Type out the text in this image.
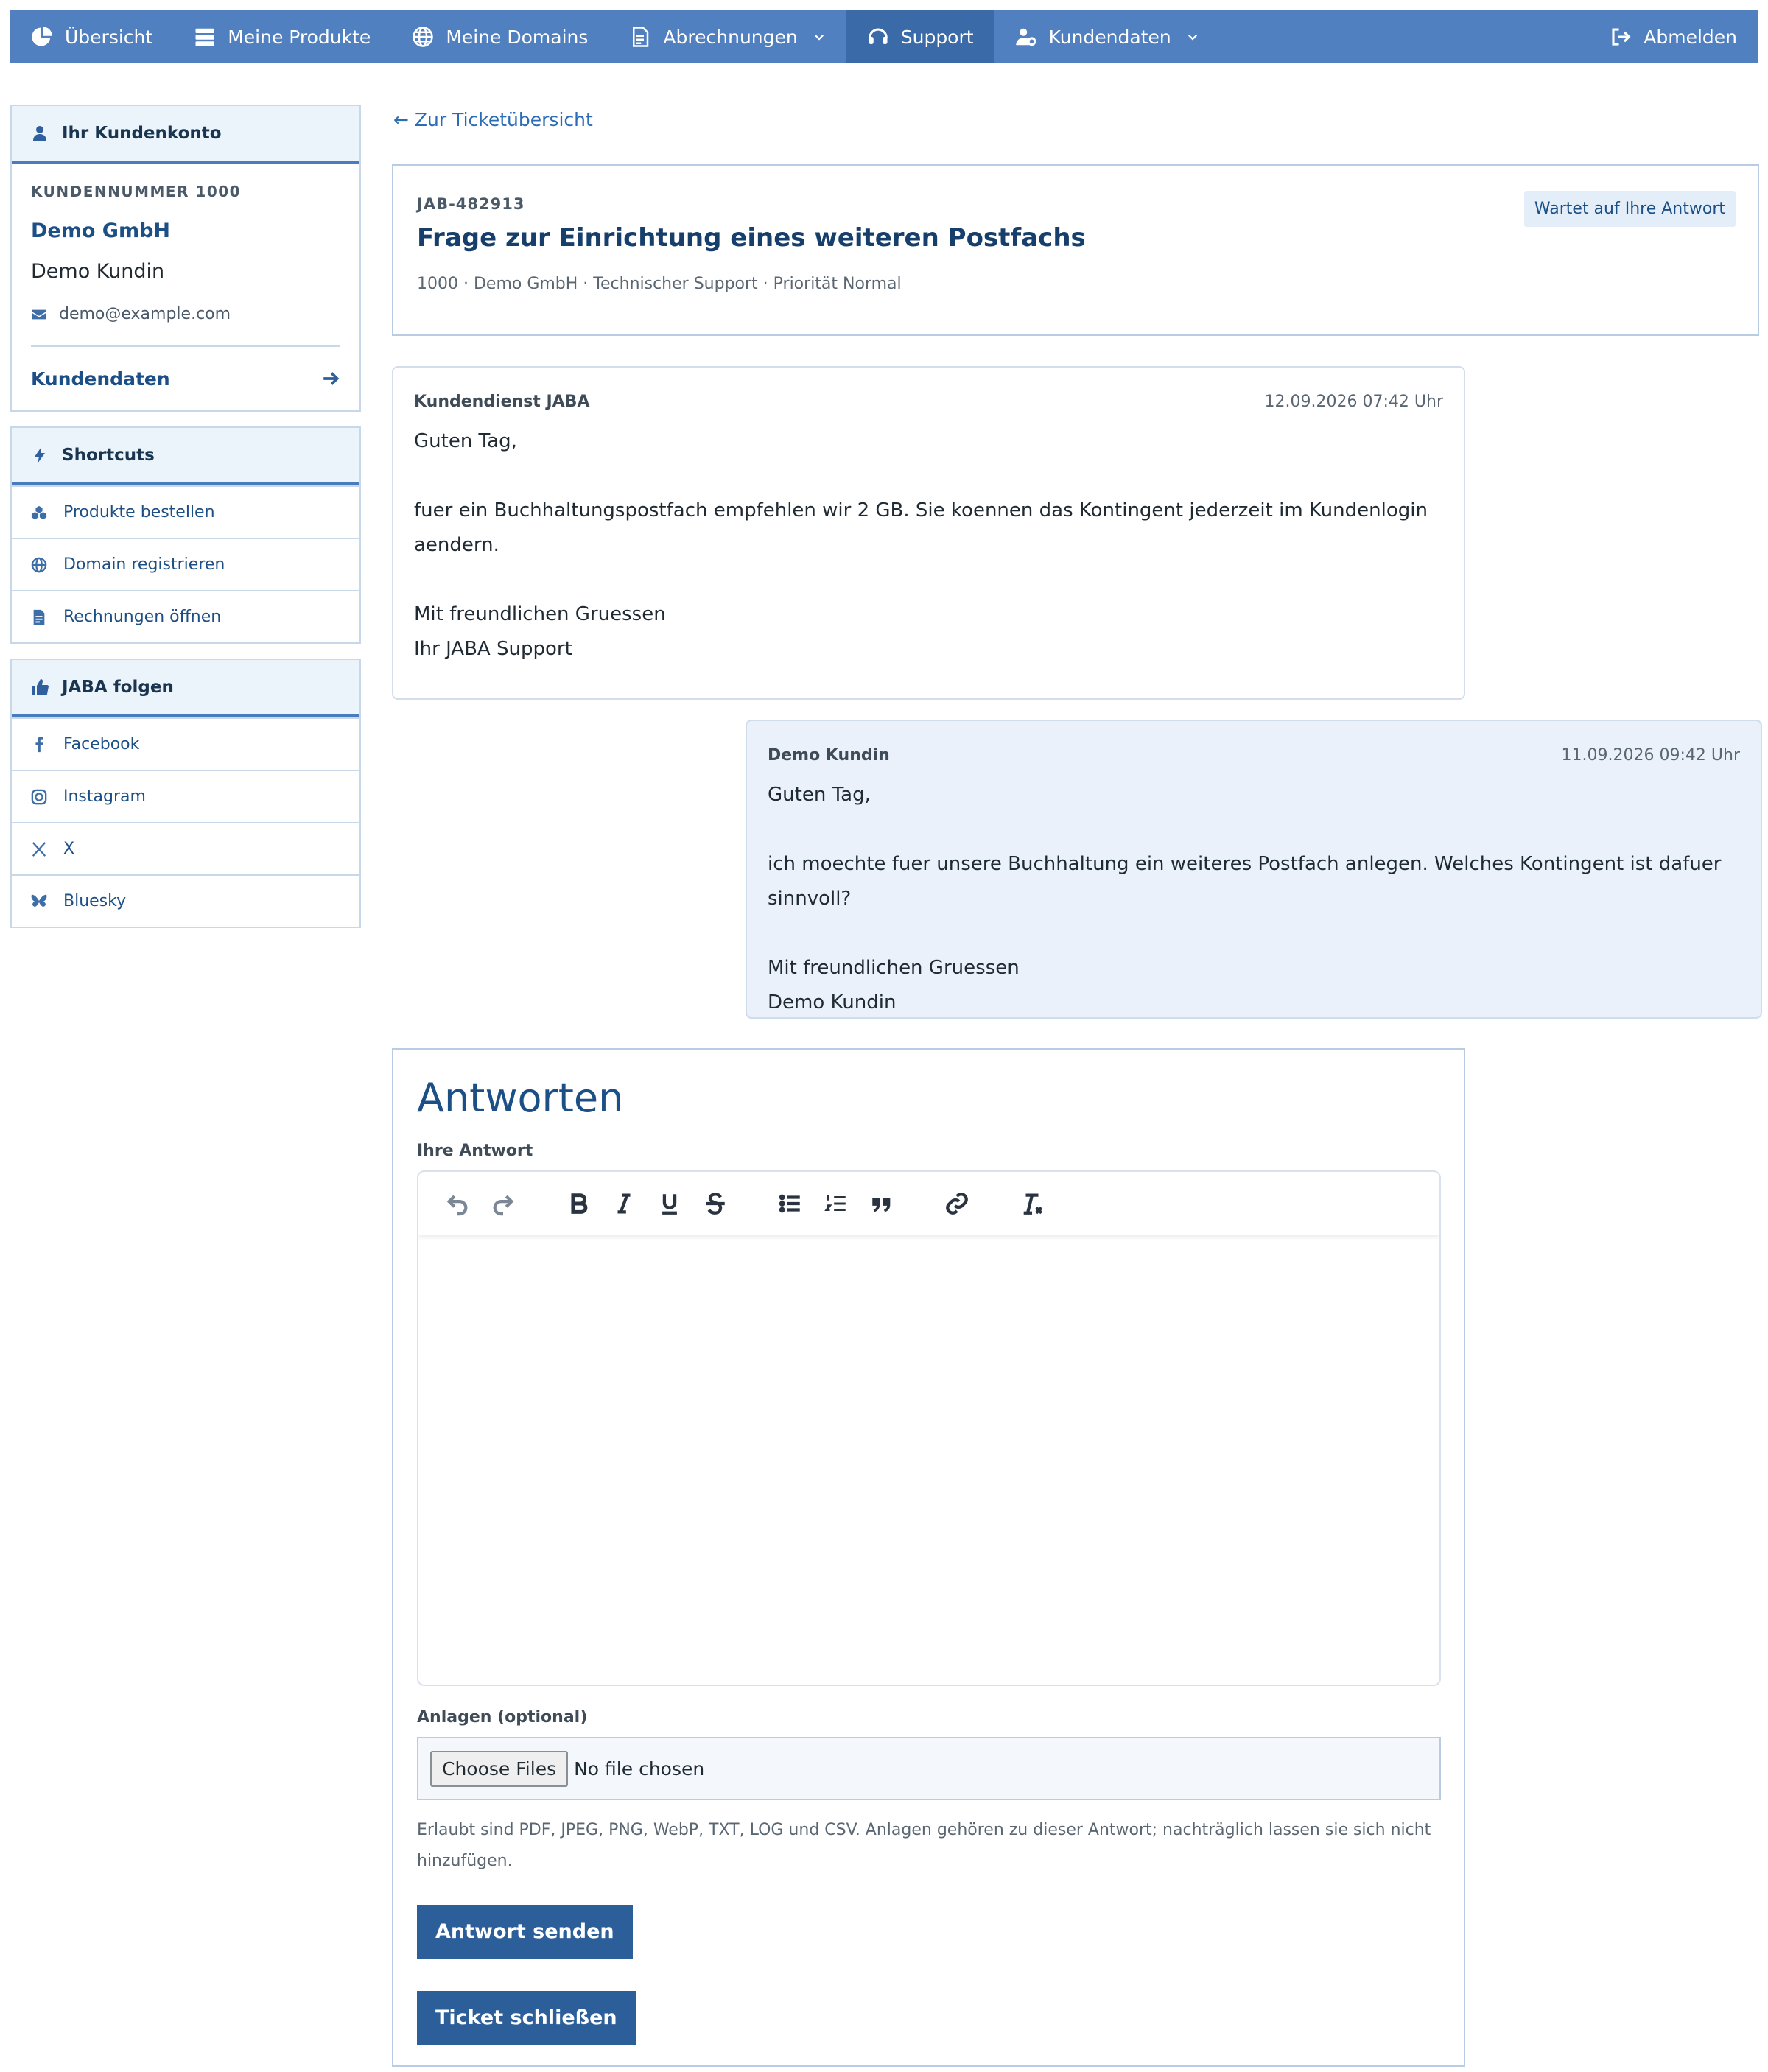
Übersicht	Meine Produkte	Meine Domains	Abrechnungen	Support	Kundendaten	Abmelden
Ihr Kundenkonto
KUNDENNUMMER 1000
Demo GmbH
Demo Kundin
demo@example.com
Kundendaten
Shortcuts
Produkte bestellen
Domain registrieren
Rechnungen öffnen
JABA folgen
Facebook
Instagram
X
Bluesky
← Zur Ticketübersicht
JAB-482913
Frage zur Einrichtung eines weiteren Postfachs
1000 · Demo GmbH · Technischer Support · Priorität Normal
Wartet auf Ihre Antwort
Kundendienst JABA	12.09.2026 07:42 Uhr

Guten Tag,

fuer ein Buchhaltungspostfach empfehlen wir 2 GB. Sie koennen das Kontingent jederzeit im Kundenlogin

aendern.

Mit freundlichen Gruessen

Ihr JABA Support

Demo Kundin	11.09.2026 09:42 Uhr

Guten Tag,

ich moechte fuer unsere Buchhaltung ein weiteres Postfach anlegen. Welches Kontingent ist dafuer sinnvoll?

Mit freundlichen Gruessen

Demo Kundin

Antworten
Ihre Antwort
Anlagen (optional)
Choose Files No file chosen
Erlaubt sind PDF, JPEG, PNG, WebP, TXT, LOG und CSV. Anlagen gehören zu dieser Antwort; nachträglich lassen sie sich nicht hinzufügen.
Antwort senden
Ticket schließen
